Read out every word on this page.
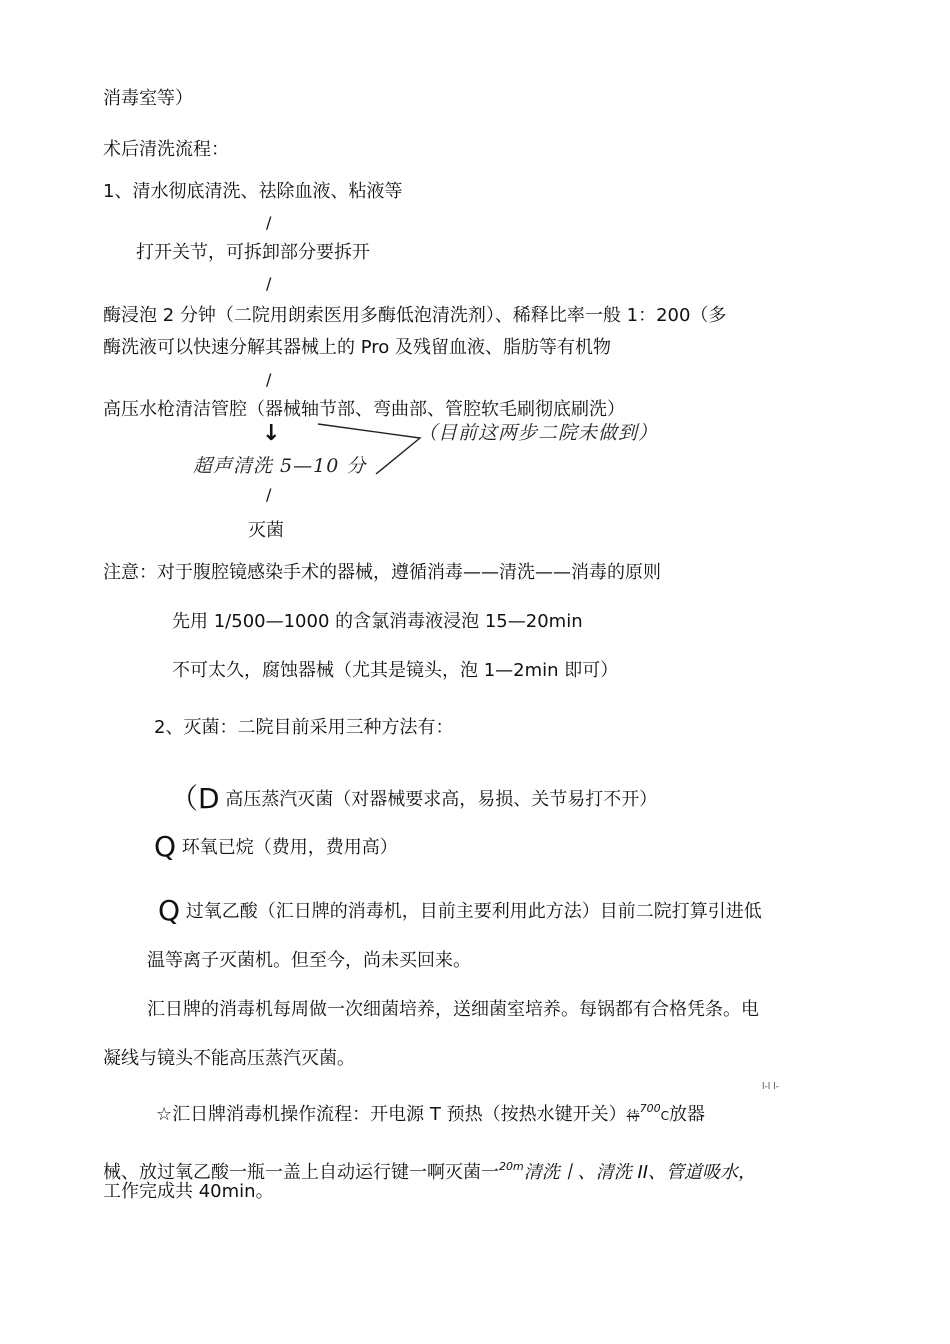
消毒室等）
术后清洗流程：
1、清水彻底清洗、祛除血液、粘液等
/
打开关节，可拆卸部分要拆开
/
酶浸泡 2 分钟（二院用朗索医用多酶低泡清洗剂）、稀释比率一般 1：200（多
酶洗液可以快速分解其器械上的 Pro 及残留血液、脂肪等有机物
/
高压水枪清洁管腔（器械轴节部、弯曲部、管腔软毛刷彻底刷洗）
↓	（目前这两步二院未做到）
超声清洗 5—10 分
/
灭菌
注意：对于腹腔镜感染手术的器械，遵循消毒——清洗——消毒的原则
先用 1/500—1000 的含氯消毒液浸泡 15—20min
不可太久，腐蚀器械（尤其是镜头，泡 1—2min 即可）
2、灭菌：二院目前采用三种方法有：
（D 高压蒸汽灭菌（对器械要求高，易损、关节易打不开）
Q 环氧已烷（费用，费用高）
Q 过氧乙酸（汇日牌的消毒机，目前主要利用此方法）目前二院打算引进低
温等离子灭菌机。但至今，尚未买回来。
汇日牌的消毒机每周做一次细菌培养，送细菌室培养。每锅都有合格凭条。电
凝线与镜头不能高压蒸汽灭菌。
l-l l-
☆汇日牌消毒机操作流程：开电源 T 预热（按热水键开关）待$^{700}$C放器
械、放过氧乙酸一瓶一盖上自动运行键一啊灭菌一$^{20m}$清洗丨、清洗 II、管道吸水，
工作完成共 40min。
